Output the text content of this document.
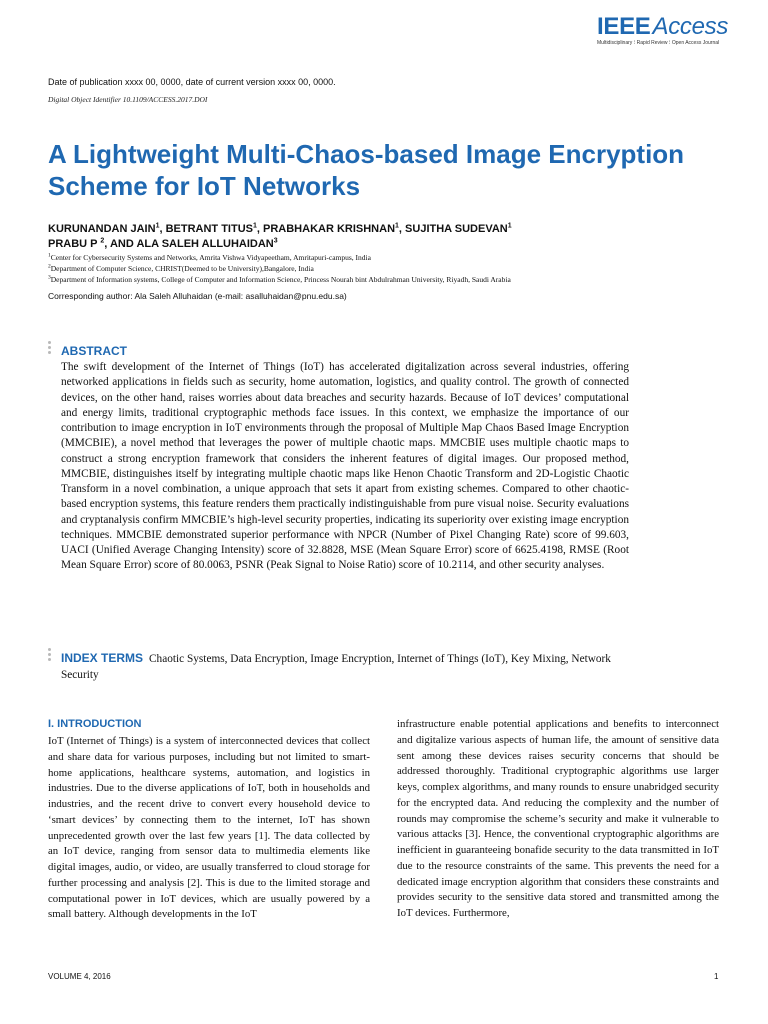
IEEEAccess
Multidisciplinary ⁝ Rapid Review ⁝ Open Access Journal
Date of publication xxxx 00, 0000, date of current version xxxx 00, 0000.
Digital Object Identifier 10.1109/ACCESS.2017.DOI
A Lightweight Multi-Chaos-based Image Encryption Scheme for IoT Networks

KURUNANDAN JAIN$^1$, BETRANT TITUS$^1$, PRABHAKAR KRISHNAN$^1$, SUJITHA SUDEVAN$^1$
PRABU P $^2$, AND ALA SALEH ALLUHAIDAN$^3$

$^1$Center for Cybersecurity Systems and Networks, Amrita Vishwa Vidyapeetham, Amritapuri-campus, India
$^2$Department of Computer Science, CHRIST(Deemed to be University),Bangalore, India
$^3$Department of Information systems, College of Computer and Information Science, Princess Nourah bint Abdulrahman University, Riyadh, Saudi Arabia
Corresponding author: Ala Saleh Alluhaidan (e-mail: asalluhaidan@pnu.edu.sa)
ABSTRACT

The swift development of the Internet of Things (IoT) has accelerated digitalization across several industries, offering networked applications in fields such as security, home automation, logistics, and quality control. The growth of connected devices, on the other hand, raises worries about data breaches and security hazards. Because of IoT devices’ computational and energy limits, traditional cryptographic methods face issues. In this context, we emphasize the importance of our contribution to image encryption in IoT environments through the proposal of Multiple Map Chaos Based Image Encryption (MMCBIE), a novel method that leverages the power of multiple chaotic maps. MMCBIE uses multiple chaotic maps to construct a strong encryption framework that considers the inherent features of digital images. Our proposed method, MMCBIE, distinguishes itself by integrating multiple chaotic maps like Henon Chaotic Transform and 2D-Logistic Chaotic Transform in a novel combination, a unique approach that sets it apart from existing schemes. Compared to other chaotic-based encryption systems, this feature renders them practically indistinguishable from pure visual noise. Security evaluations and cryptanalysis confirm MMCBIE’s high-level security properties, indicating its superiority over existing image encryption techniques. MMCBIE demonstrated superior performance with NPCR (Number of Pixel Changing Rate) score of 99.603, UACI (Unified Average Changing Intensity) score of 32.8828, MSE (Mean Square Error) score of 6625.4198, RMSE (Root Mean Square Error) score of 80.0063, PSNR (Peak Signal to Noise Ratio) score of 10.2114, and other security analyses.

INDEX TERMS Chaotic Systems, Data Encryption, Image Encryption, Internet of Things (IoT), Key Mixing, Network Security

I. INTRODUCTION

IoT (Internet of Things) is a system of interconnected devices that collect and share data for various purposes, including but not limited to smart-home applications, healthcare systems, automation, and logistics in industries. Due to the diverse applications of IoT, both in households and industries, and the recent drive to convert every household device to ‘smart devices’ by connecting them to the internet, IoT has shown unprecedented growth over the last few years [1]. The data collected by an IoT device, ranging from sensor data to multimedia elements like digital images, audio, or video, are usually transferred to cloud storage for further processing and analysis [2]. This is due to the limited storage and computational power in IoT devices, which are usually powered by a small battery. Although developments in the IoT

infrastructure enable potential applications and benefits to interconnect and digitalize various aspects of human life, the amount of sensitive data sent among these devices raises security concerns that should be addressed thoroughly. Traditional cryptographic algorithms use larger keys, complex algorithms, and many rounds to ensure unabridged security for the encrypted data. And reducing the complexity and the number of rounds may compromise the scheme’s security and make it vulnerable to various attacks [3]. Hence, the conventional cryptographic algorithms are inefficient in guaranteeing bonafide security to the data transmitted in IoT due to the resource constraints of the same. This prevents the need for a dedicated image encryption algorithm that considers these constraints and provides security to the sensitive data stored and transmitted among the IoT devices. Furthermore,

VOLUME 4, 2016	1
